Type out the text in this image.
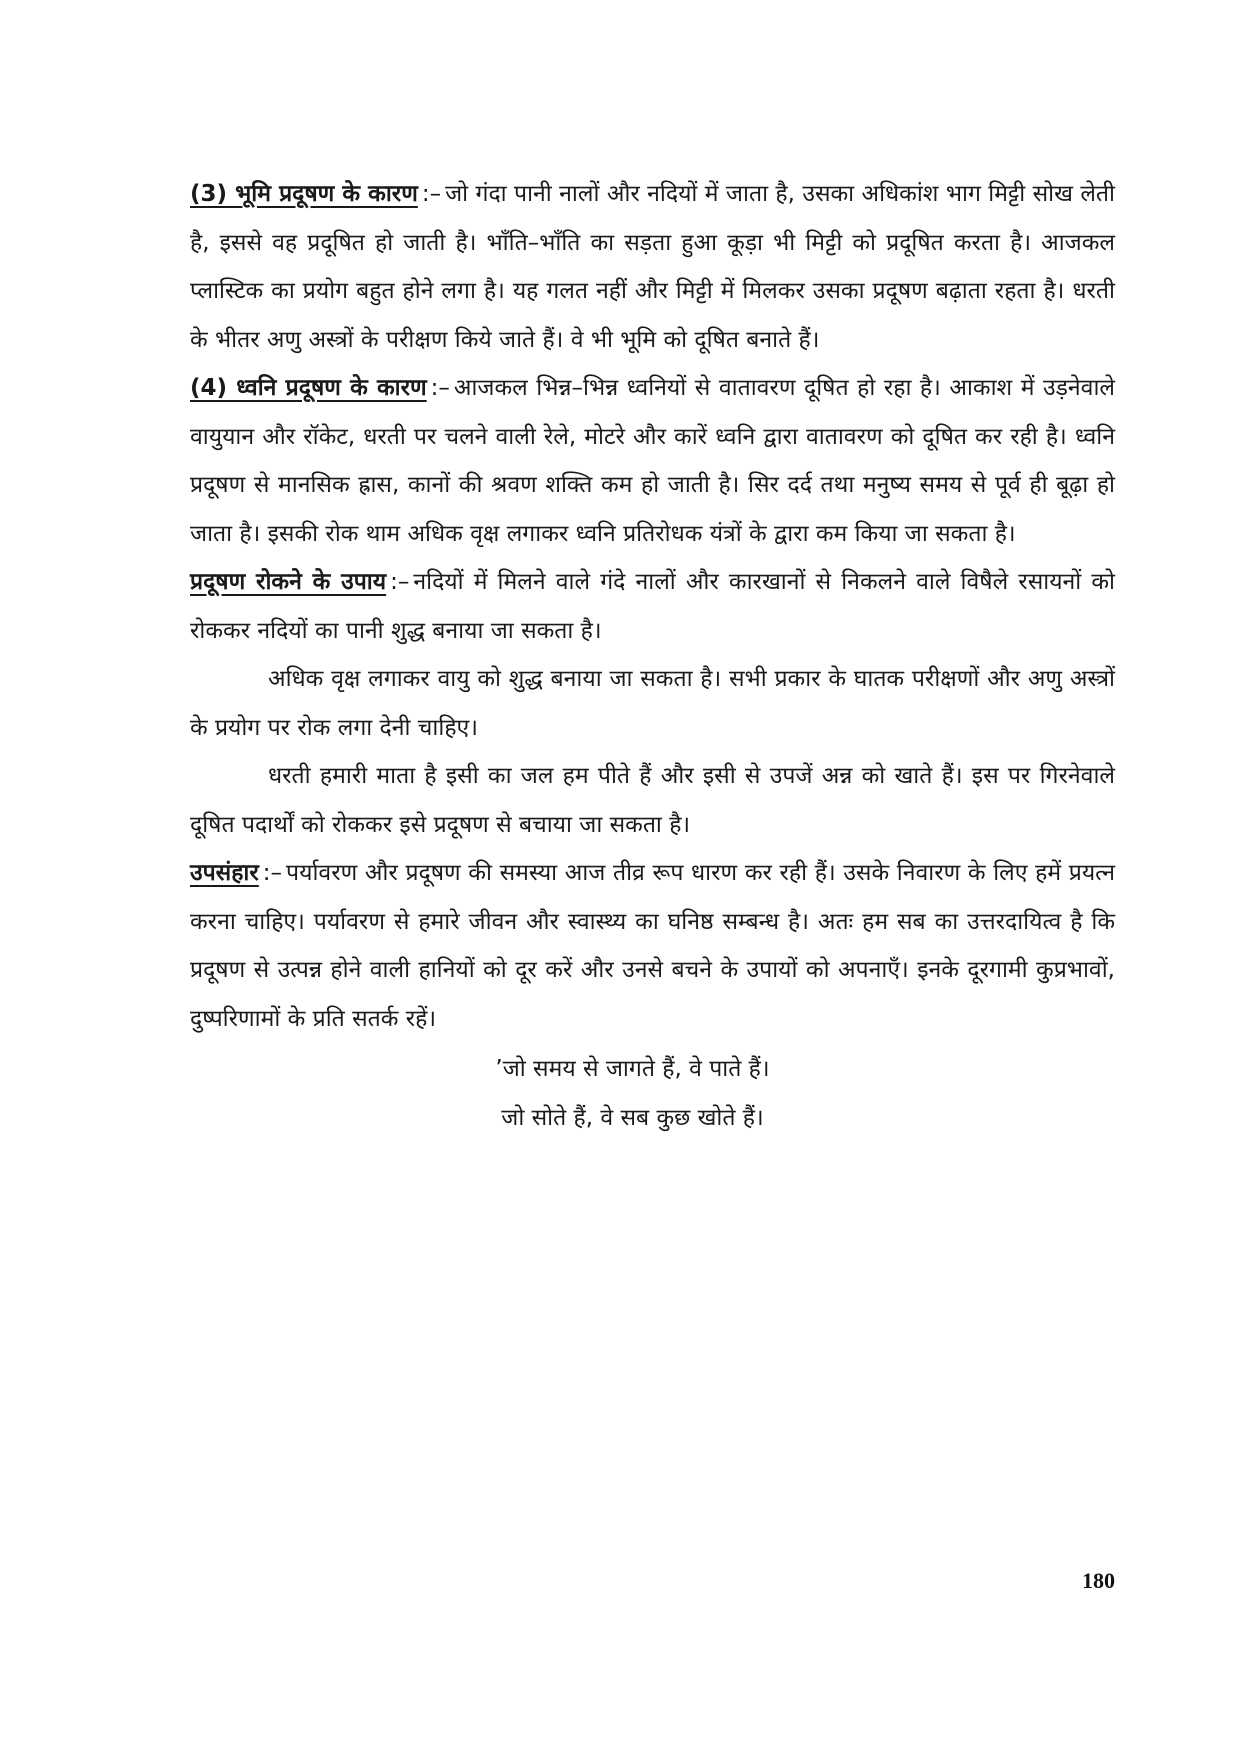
(3) भूमि प्रदूषण के कारण :– जो गंदा पानी नालों और नदियों में जाता है, उसका अधिकांश भाग मिट्टी सोख लेती है, इससे वह प्रदूषित हो जाती है। भाँति–भाँति का सड़ता हुआ कूड़ा भी मिट्टी को प्रदूषित करता है। आजकल प्लास्टिक का प्रयोग बहुत होने लगा है। यह गलत नहीं और मिट्टी में मिलकर उसका प्रदूषण बढ़ाता रहता है। धरती के भीतर अणु अस्त्रों के परीक्षण किये जाते हैं। वे भी भूमि को दूषित बनाते हैं।

(4) ध्वनि प्रदूषण के कारण :– आजकल भिन्न–भिन्न ध्वनियों से वातावरण दूषित हो रहा है। आकाश में उड़नेवाले वायुयान और रॉकेट, धरती पर चलने वाली रेले, मोटरे और कारें ध्वनि द्वारा वातावरण को दूषित कर रही है। ध्वनि प्रदूषण से मानसिक ह्रास, कानों की श्रवण शक्ति कम हो जाती है। सिर दर्द तथा मनुष्य समय से पूर्व ही बूढ़ा हो जाता है। इसकी रोक थाम अधिक वृक्ष लगाकर ध्वनि प्रतिरोधक यंत्रों के द्वारा कम किया जा सकता है।

प्रदूषण रोकने के उपाय :– नदियों में मिलने वाले गंदे नालों और कारखानों से निकलने वाले विषैले रसायनों को रोककर नदियों का पानी शुद्ध बनाया जा सकता है।

अधिक वृक्ष लगाकर वायु को शुद्ध बनाया जा सकता है। सभी प्रकार के घातक परीक्षणों और अणु अस्त्रों के प्रयोग पर रोक लगा देनी चाहिए।

धरती हमारी माता है इसी का जल हम पीते हैं और इसी से उपजें अन्न को खाते हैं। इस पर गिरनेवाले दूषित पदार्थों को रोककर इसे प्रदूषण से बचाया जा सकता है।

उपसंहार :– पर्यावरण और प्रदूषण की समस्या आज तीव्र रूप धारण कर रही हैं। उसके निवारण के लिए हमें प्रयत्न करना चाहिए। पर्यावरण से हमारे जीवन और स्वास्थ्य का घनिष्ठ सम्बन्ध है। अतः हम सब का उत्तरदायित्व है कि प्रदूषण से उत्पन्न होने वाली हानियों को दूर करें और उनसे बचने के उपायों को अपनाएँ। इनके दूरगामी कुप्रभावों, दुष्परिणामों के प्रति सतर्क रहें।

’जो समय से जागते हैं, वे पाते हैं।
जो सोते हैं, वे सब कुछ खोते हैं।
180
